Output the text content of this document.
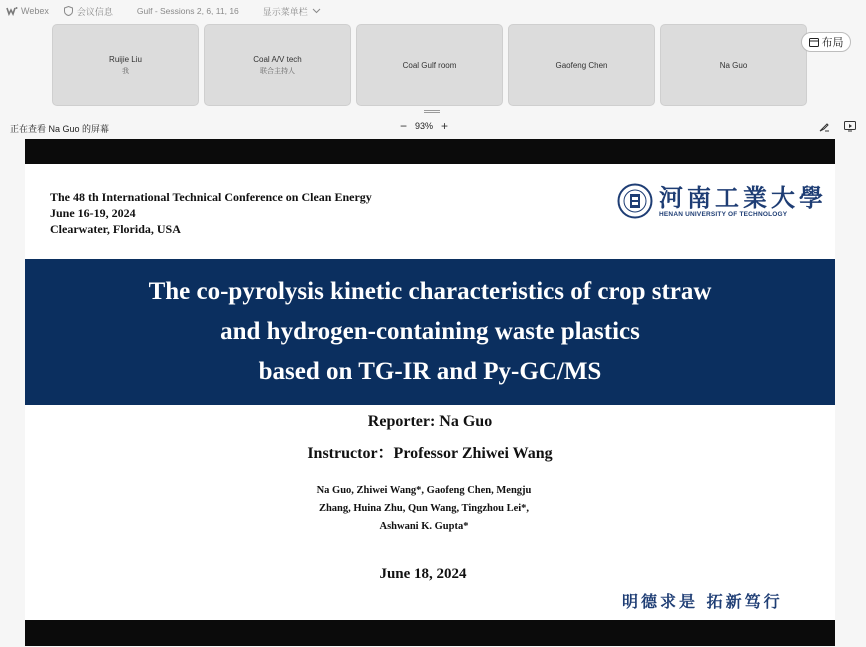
Webex	会议信息	Gulf - Sessions 2, 6, 11, 16	显示菜单栏
Ruijie Liu
我
Coal A/V tech
联合主持人
Coal Gulf room	Gaofeng Chen	Na Guo
布局
正在查看 Na Guo 的屏幕	− 93% +
The 48 th International Technical Conference on Clean Energy
June 16-19, 2024
Clearwater, Florida, USA
河南工業大學
HENAN UNIVERSITY OF TECHNOLOGY
The co-pyrolysis kinetic characteristics of crop straw
and hydrogen-containing waste plastics
based on TG-IR and Py-GC/MS
Reporter: Na Guo
Instructor：Professor Zhiwei Wang
Na Guo, Zhiwei Wang*, Gaofeng Chen, Mengju
Zhang, Huina Zhu, Qun Wang, Tingzhou Lei*,
Ashwani K. Gupta*
June 18, 2024
明德求是 拓新笃行
